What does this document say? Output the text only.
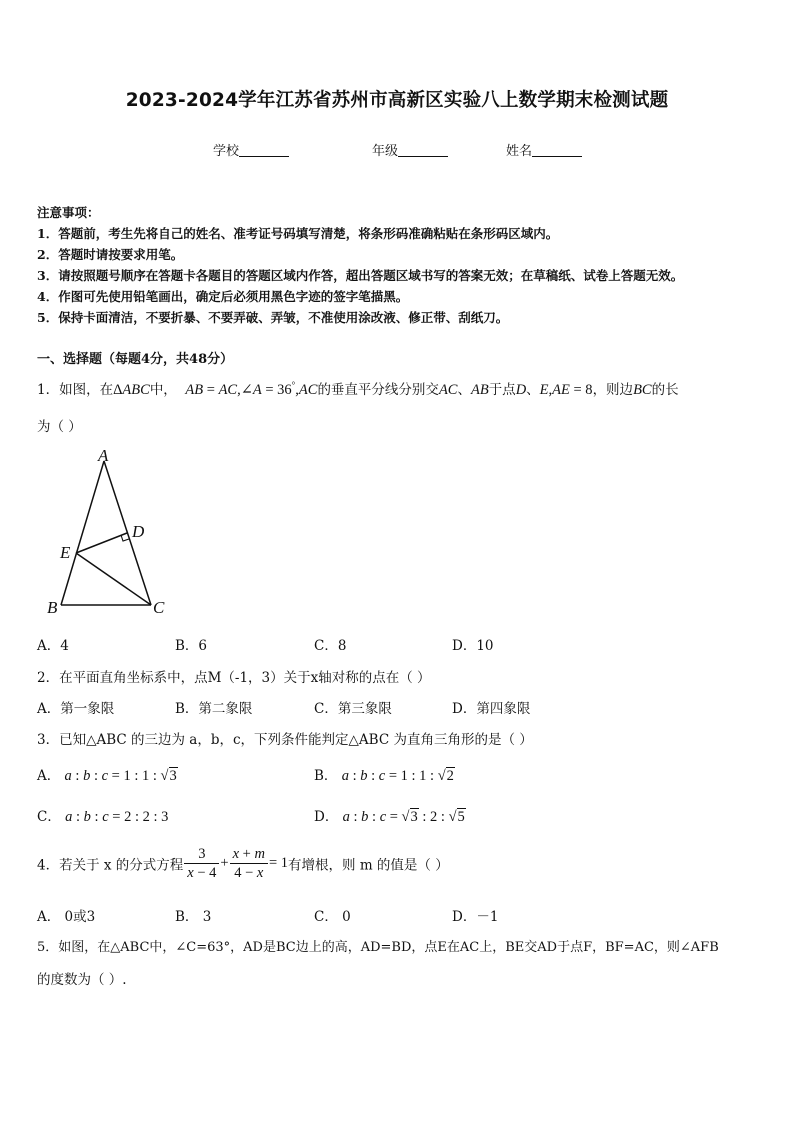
2023-2024学年江苏省苏州市高新区实验八上数学期末检测试题
学校	年级	姓名
注意事项：
1．答题前，考生先将自己的姓名、准考证号码填写清楚，将条形码准确粘贴在条形码区域内。
2．答题时请按要求用笔。
3．请按照题号顺序在答题卡各题目的答题区域内作答，超出答题区域书写的答案无效；在草稿纸、试卷上答题无效。
4．作图可先使用铅笔画出，确定后必须用黑色字迹的签字笔描黑。
5．保持卡面清洁，不要折暴、不要弄破、弄皱，不准使用涂改液、修正带、刮纸刀。
一、选择题（每题4分，共48分）
1．如图，在ΔABC中， AB = AC,∠A = 36°,AC的垂直平分线分别交AC、AB于点D、E,AE = 8，则边BC的长
为（ ）
A
B	C
D
E
A．4	B．6	C．8	D．10
2．在平面直角坐标系中，点M（-1，3）关于x轴对称的点在（ ）
A．第一象限	B．第二象限	C．第三象限	D．第四象限
3．已知△ABC 的三边为 a，b，c，下列条件能判定△ABC 为直角三角形的是（ ）
A． a : b : c = 1 : 1 : √3	B． a : b : c = 1 : 1 : √2
C． a : b : c = 2 : 2 : 3	D． a : b : c = √3 : 2 : √5
4．若关于 x 的分式方程 $\frac{3}{x - 4} + \frac{x + m}{4 - x} = 1$有增根，则 m 的值是（ ）
A． 0或3	B． 3	C． 0	D．－1
5．如图，在△ABC中，∠C=63°，AD是BC边上的高，AD=BD，点E在AC上，BE交AD于点F，BF=AC，则∠AFB
的度数为（ ）.
